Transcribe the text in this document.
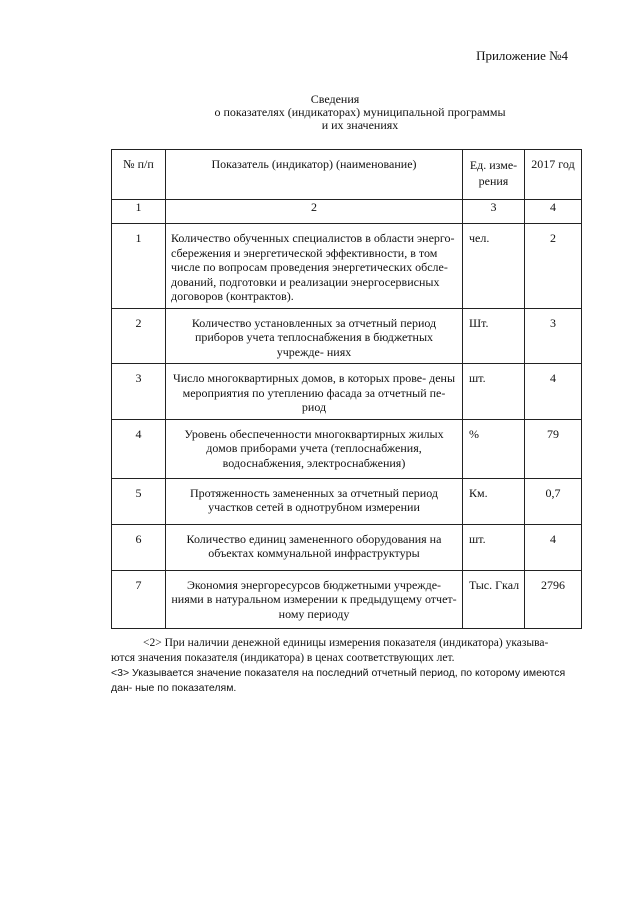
Приложение №4
Сведения
о показателях (индикаторах) муниципальной программы
и их значениях
№ п/п	Показатель (индикатор) (наименование)	Ед. изме- рения	2017 год
1	2	3	4
1	Количество обученных специалистов в области энерго- сбережения и энергетической эффективности, в том числе по вопросам проведения энергетических обсле- дований, подготовки и реализации энергосервисных договоров (контрактов).	чел.	2
2	Количество установленных за отчетный период приборов учета теплоснабжения в бюджетных учрежде- ниях	Шт.	3
3	Число многоквартирных домов, в которых прове- дены мероприятия по утеплению фасада за отчетный пе- риод	шт.	4
4	Уровень обеспеченности многоквартирных жилых домов приборами учета (теплоснабжения, водоснабжения, электроснабжения)	%	79
5	Протяженность замененных за отчетный период участков сетей в однотрубном измерении	Км.	0,7
6	Количество единиц замененного оборудования на объектах коммунальной инфраструктуры	шт.	4
7	Экономия энергоресурсов бюджетными учрежде- ниями в натуральном измерении к предыдущему отчет- ному периоду	Тыс. Гкал	2796

<2> При наличии денежной единицы измерения показателя (индикатора) указыва- ются значения показателя (индикатора) в ценах соответствующих лет.

<3> Указывается значение показателя на последний отчетный период, по которому имеются дан- ные по показателям.
